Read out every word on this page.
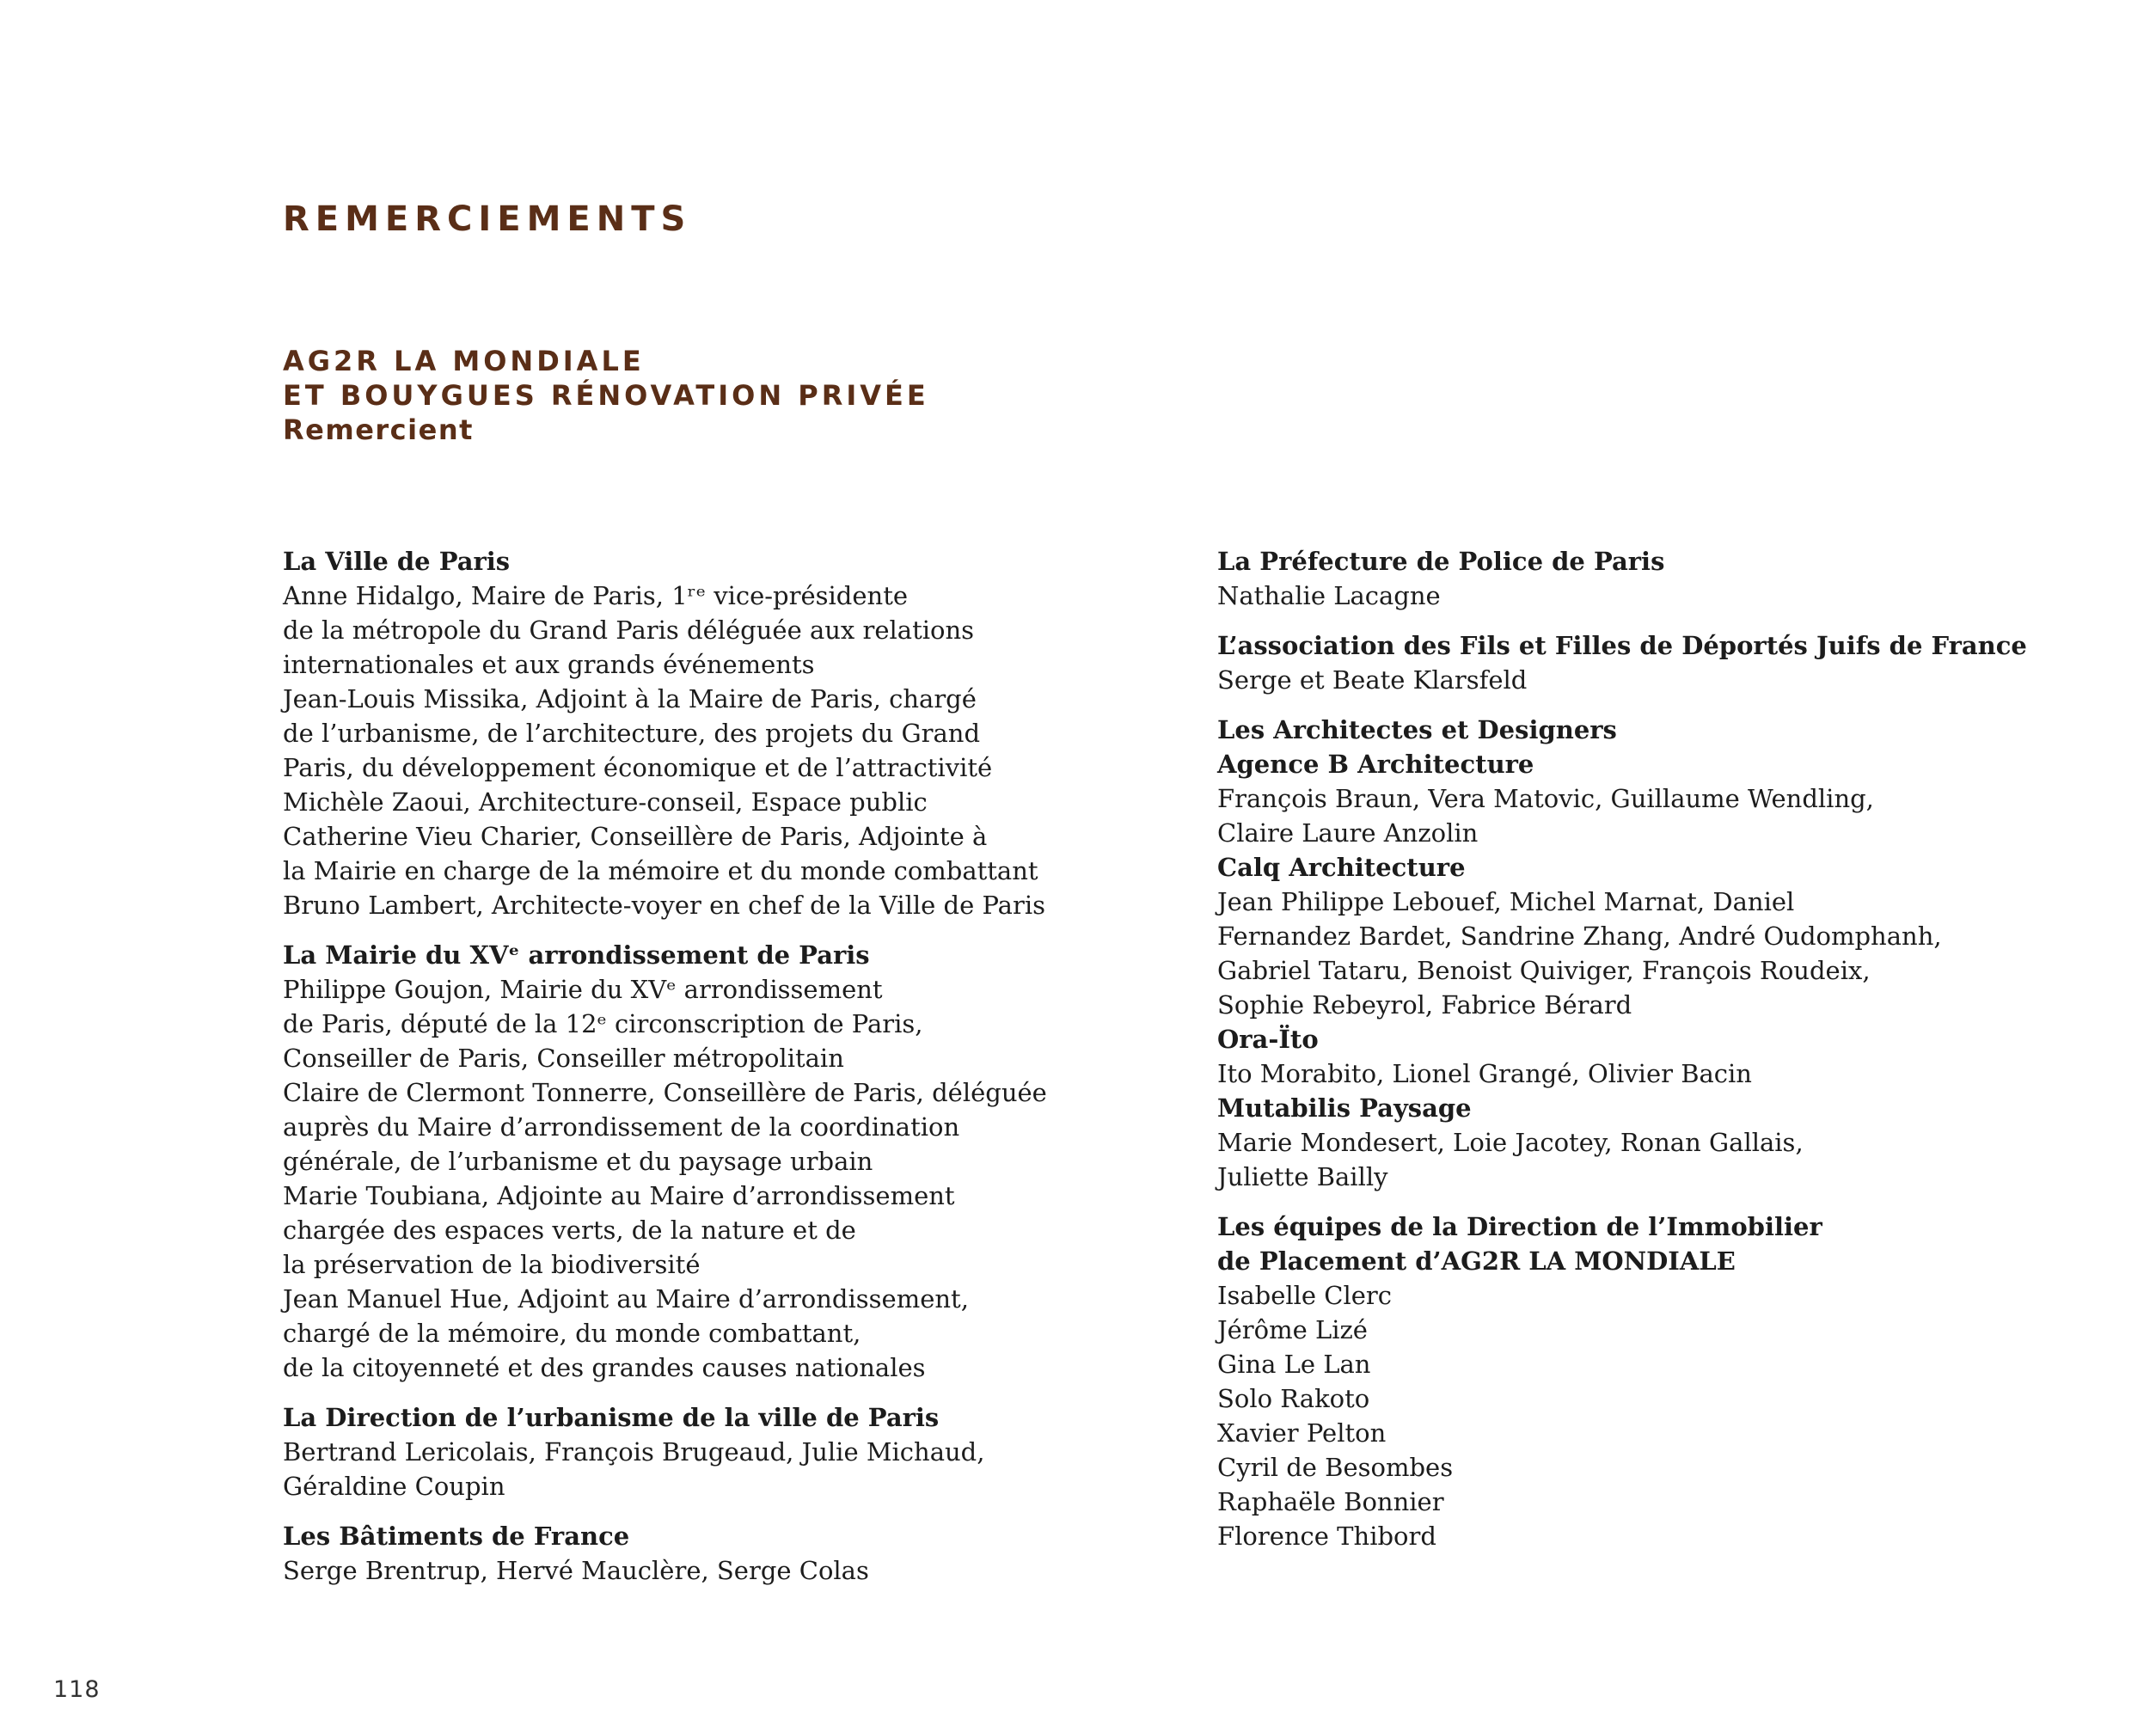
REMERCIEMENTS
AG2R LA MONDIALE
ET BOUYGUES RÉNOVATION PRIVÉE
Remercient
La Ville de Paris
Anne Hidalgo, Maire de Paris, 1ʳᵉ vice-présidente
de la métropole du Grand Paris déléguée aux relations
internationales et aux grands événements
Jean-Louis Missika, Adjoint à la Maire de Paris, chargé
de l’urbanisme, de l’architecture, des projets du Grand
Paris, du développement économique et de l’attractivité
Michèle Zaoui, Architecture-conseil, Espace public
Catherine Vieu Charier, Conseillère de Paris, Adjointe à
la Mairie en charge de la mémoire et du monde combattant
Bruno Lambert, Architecte-voyer en chef de la Ville de Paris
La Mairie du XVᵉ arrondissement de Paris
Philippe Goujon, Mairie du XVᵉ arrondissement
de Paris, député de la 12ᵉ circonscription de Paris,
Conseiller de Paris, Conseiller métropolitain
Claire de Clermont Tonnerre, Conseillère de Paris, déléguée
auprès du Maire d’arrondissement de la coordination
générale, de l’urbanisme et du paysage urbain
Marie Toubiana, Adjointe au Maire d’arrondissement
chargée des espaces verts, de la nature et de
la préservation de la biodiversité
Jean Manuel Hue, Adjoint au Maire d’arrondissement,
chargé de la mémoire, du monde combattant,
de la citoyenneté et des grandes causes nationales
La Direction de l’urbanisme de la ville de Paris
Bertrand Lericolais, François Brugeaud, Julie Michaud,
Géraldine Coupin
Les Bâtiments de France
Serge Brentrup, Hervé Mauclère, Serge Colas
La Préfecture de Police de Paris
Nathalie Lacagne
L’association des Fils et Filles de Déportés Juifs de France
Serge et Beate Klarsfeld
Les Architectes et Designers
Agence B Architecture
François Braun, Vera Matovic, Guillaume Wendling,
Claire Laure Anzolin
Calq Architecture
Jean Philippe Lebouef, Michel Marnat, Daniel
Fernandez Bardet, Sandrine Zhang, André Oudomphanh,
Gabriel Tataru, Benoist Quiviger, François Roudeix,
Sophie Rebeyrol, Fabrice Bérard
Ora-Ïto
Ito Morabito, Lionel Grangé, Olivier Bacin
Mutabilis Paysage
Marie Mondesert, Loie Jacotey, Ronan Gallais,
Juliette Bailly
Les équipes de la Direction de l’Immobilier
de Placement d’AG2R LA MONDIALE
Isabelle Clerc
Jérôme Lizé
Gina Le Lan
Solo Rakoto
Xavier Pelton
Cyril de Besombes
Raphaële Bonnier
Florence Thibord
118
